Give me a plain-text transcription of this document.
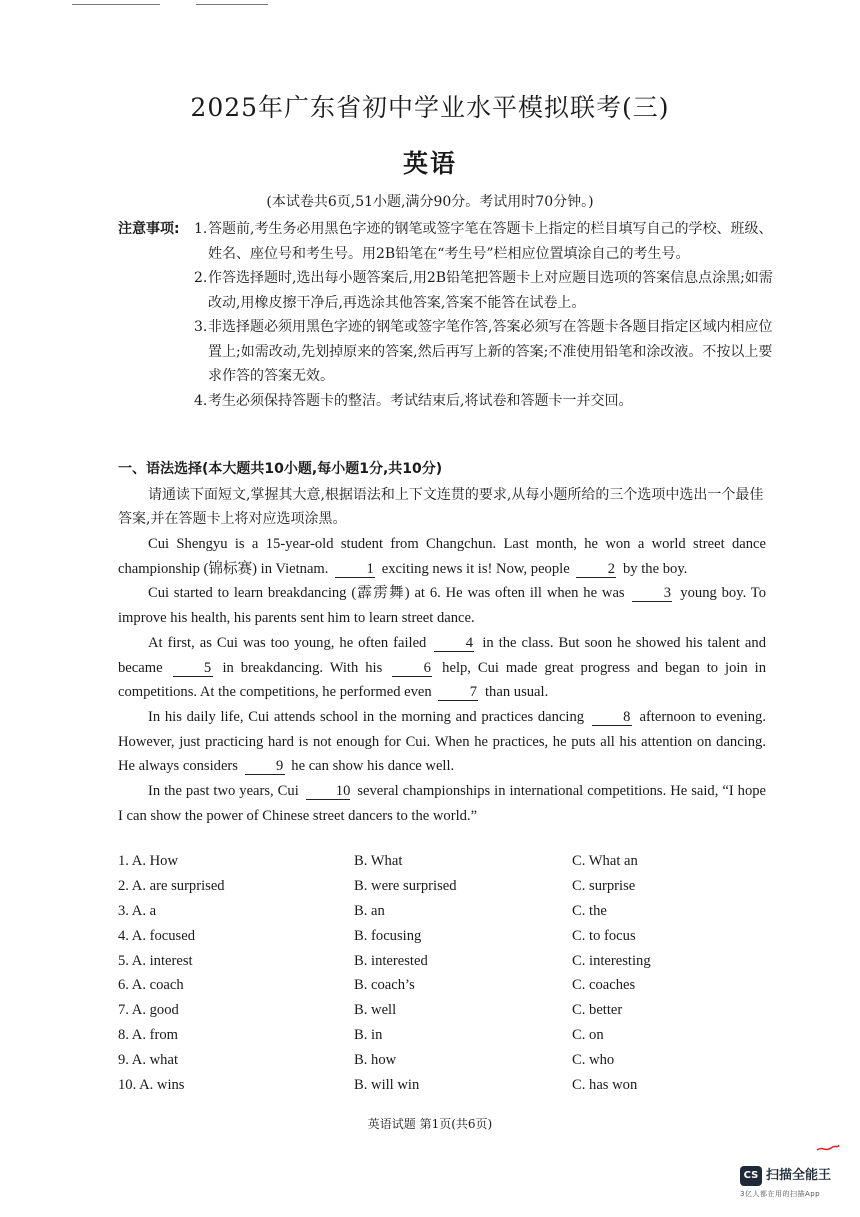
2025年广东省初中学业水平模拟联考(三)
英语
(本试卷共6页,51小题,满分90分。考试用时70分钟。)
注意事项:	1. 答题前,考生务必用黑色字迹的钢笔或签字笔在答题卡上指定的栏目填写自己的学校、班级、姓名、座位号和考生号。用2B铅笔在“考生号”栏相应位置填涂自己的考生号。
2. 作答选择题时,选出每小题答案后,用2B铅笔把答题卡上对应题目选项的答案信息点涂黑;如需改动,用橡皮擦干净后,再选涂其他答案,答案不能答在试卷上。
3. 非选择题必须用黑色字迹的钢笔或签字笔作答,答案必须写在答题卡各题目指定区域内相应位置上;如需改动,先划掉原来的答案,然后再写上新的答案;不准使用铅笔和涂改液。不按以上要求作答的答案无效。
4. 考生必须保持答题卡的整洁。考试结束后,将试卷和答题卡一并交回。
一、语法选择(本大题共10小题,每小题1分,共10分)
请通读下面短文,掌握其大意,根据语法和上下文连贯的要求,从每小题所给的三个选项中选出一个最佳答案,并在答题卡上将对应选项涂黑。

Cui Shengyu is a 15-year-old student from Changchun. Last month, he won a world street dance championship (锦标赛) in Vietnam.	1 exciting news it is! Now, people	2 by the boy.

Cui started to learn breakdancing (霹雳舞) at 6. He was often ill when he was	3 young boy. To improve his health, his parents sent him to learn street dance.

At first, as Cui was too young, he often failed	4 in the class. But soon he showed his talent and became	5 in breakdancing. With his	6 help, Cui made great progress and began to join in competitions. At the competitions, he performed even	7 than usual.

In his daily life, Cui attends school in the morning and practices dancing	8 afternoon to evening. However, just practicing hard is not enough for Cui. When he practices, he puts all his attention on dancing. He always considers	9 he can show his dance well.

In the past two years, Cui	10 several championships in international competitions. He said, “I hope I can show the power of Chinese street dancers to the world.”

1. A. How	B. What	C. What an
2. A. are surprised	B. were surprised	C. surprise
3. A. a	B. an	C. the
4. A. focused	B. focusing	C. to focus
5. A. interest	B. interested	C. interesting
6. A. coach	B. coach’s	C. coaches
7. A. good	B. well	C. better
8. A. from	B. in	C. on
9. A. what	B. how	C. who
10. A. wins	B. will win	C. has won
英语试题 第1页(共6页)
CS 扫描全能王
3亿人都在用的扫描App
